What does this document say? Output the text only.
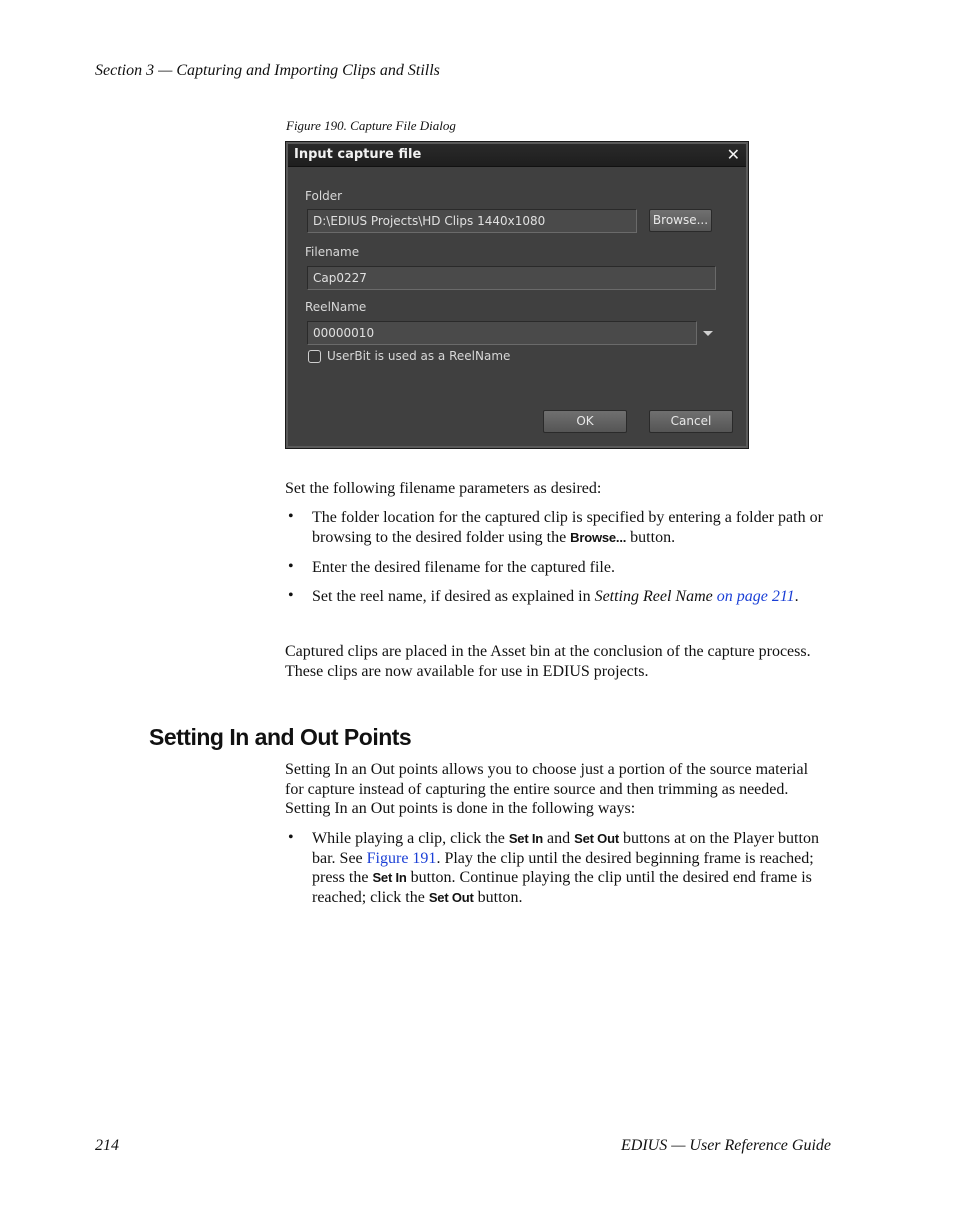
Section 3 — Capturing and Importing Clips and Stills
Figure 190. Capture File Dialog
Input capture file	✕
Folder
D:\EDIUS Projects\HD Clips 1440x1080
Browse...
Filename
Cap0227
ReelName
00000010
UserBit is used as a ReelName
OK	Cancel
Set the following filename parameters as desired:
• The folder location for the captured clip is specified by entering a folder path or browsing to the desired folder using the Browse... button.
• Enter the desired filename for the captured file.
• Set the reel name, if desired as explained in Setting Reel Name on page 211.
Captured clips are placed in the Asset bin at the conclusion of the capture process. These clips are now available for use in EDIUS projects.
Setting In and Out Points
Setting In an Out points allows you to choose just a portion of the source material for capture instead of capturing the entire source and then trimming as needed. Setting In an Out points is done in the following ways:
• While playing a clip, click the Set In and Set Out buttons at on the Player button bar. See Figure 191. Play the clip until the desired beginning frame is reached; press the Set In button. Continue playing the clip until the desired end frame is reached; click the Set Out button.
214	EDIUS — User Reference Guide
